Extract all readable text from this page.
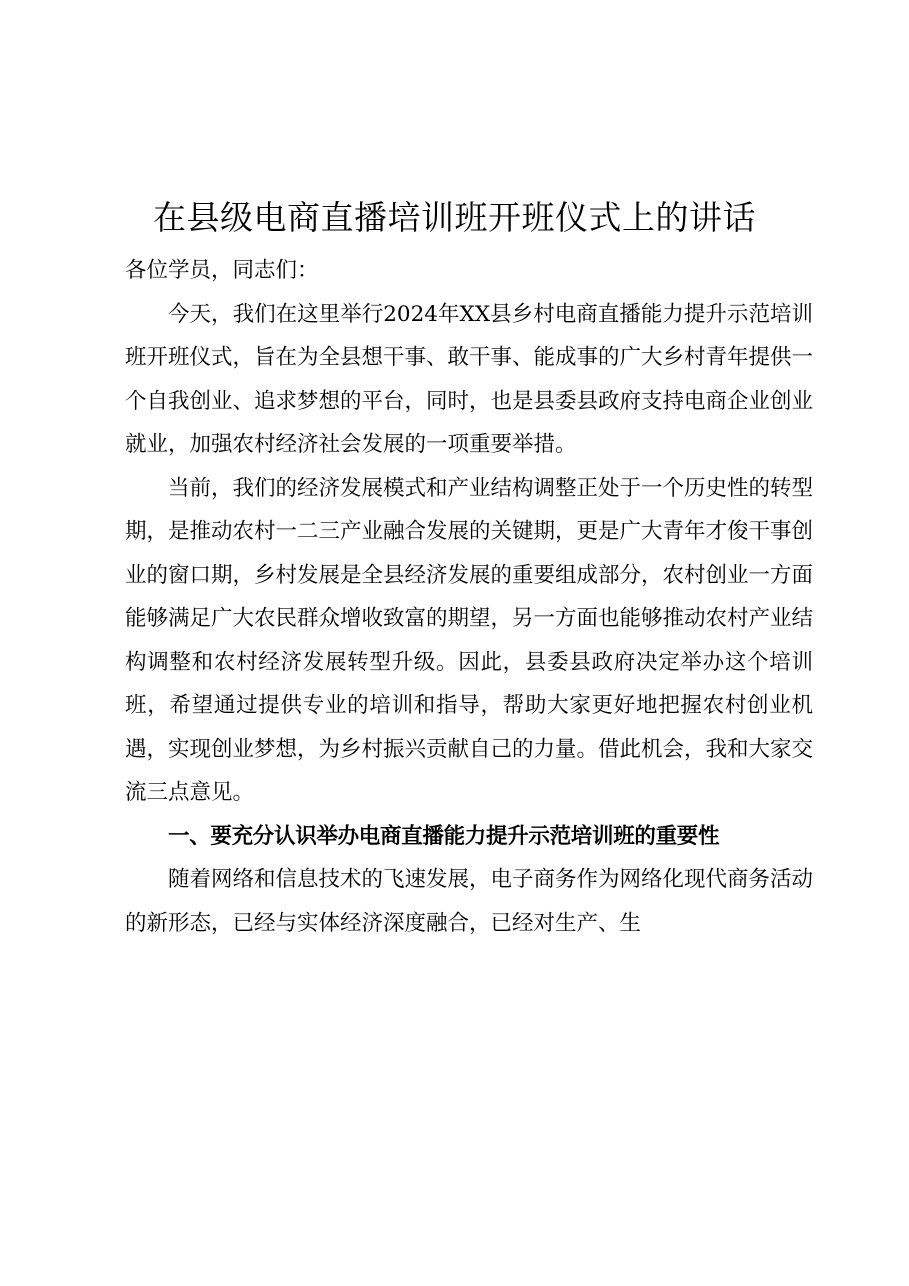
在县级电商直播培训班开班仪式上的讲话

各位学员，同志们：

今天，我们在这里举行2024年XX县乡村电商直播能力提升示范培训班开班仪式，旨在为全县想干事、敢干事、能成事的广大乡村青年提供一个自我创业、追求梦想的平台，同时，也是县委县政府支持电商企业创业就业，加强农村经济社会发展的一项重要举措。

当前，我们的经济发展模式和产业结构调整正处于一个历史性的转型期，是推动农村一二三产业融合发展的关键期，更是广大青年才俊干事创业的窗口期，乡村发展是全县经济发展的重要组成部分，农村创业一方面能够满足广大农民群众增收致富的期望，另一方面也能够推动农村产业结构调整和农村经济发展转型升级。因此，县委县政府决定举办这个培训班，希望通过提供专业的培训和指导，帮助大家更好地把握农村创业机遇，实现创业梦想，为乡村振兴贡献自己的力量。借此机会，我和大家交流三点意见。

一、要充分认识举办电商直播能力提升示范培训班的重要性

随着网络和信息技术的飞速发展，电子商务作为网络化现代商务活动的新形态，已经与实体经济深度融合，已经对生产、生
